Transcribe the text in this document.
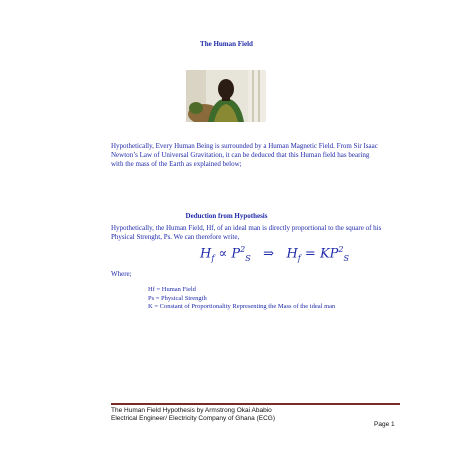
The Human Field
Hypothetically, Every Human Being is surrounded by a Human Magnetic Field. From Sir Isaac Newton’s Law of Universal Gravitation, it can be deduced that this Human field has bearing with the mass of the Earth as explained below;
Deduction from Hypothesis
Hypothetically, the Human Field, Hf, of an ideal man is directly proportional to the square of his Physical Strenght, Ps. We can therefore write,
$H_f \propto P^2_S$ ⇒ $H_f = KP^2_S$
Where;
Hf = Human Field
Ps = Physical Strength
K = Constant of Proportionality Representing the Mass of the ideal man
The Human Field Hypothesis by Armstrong Okai Ababio
Electrical Engineer/ Electricity Company of Ghana (ECG)
Page 1
